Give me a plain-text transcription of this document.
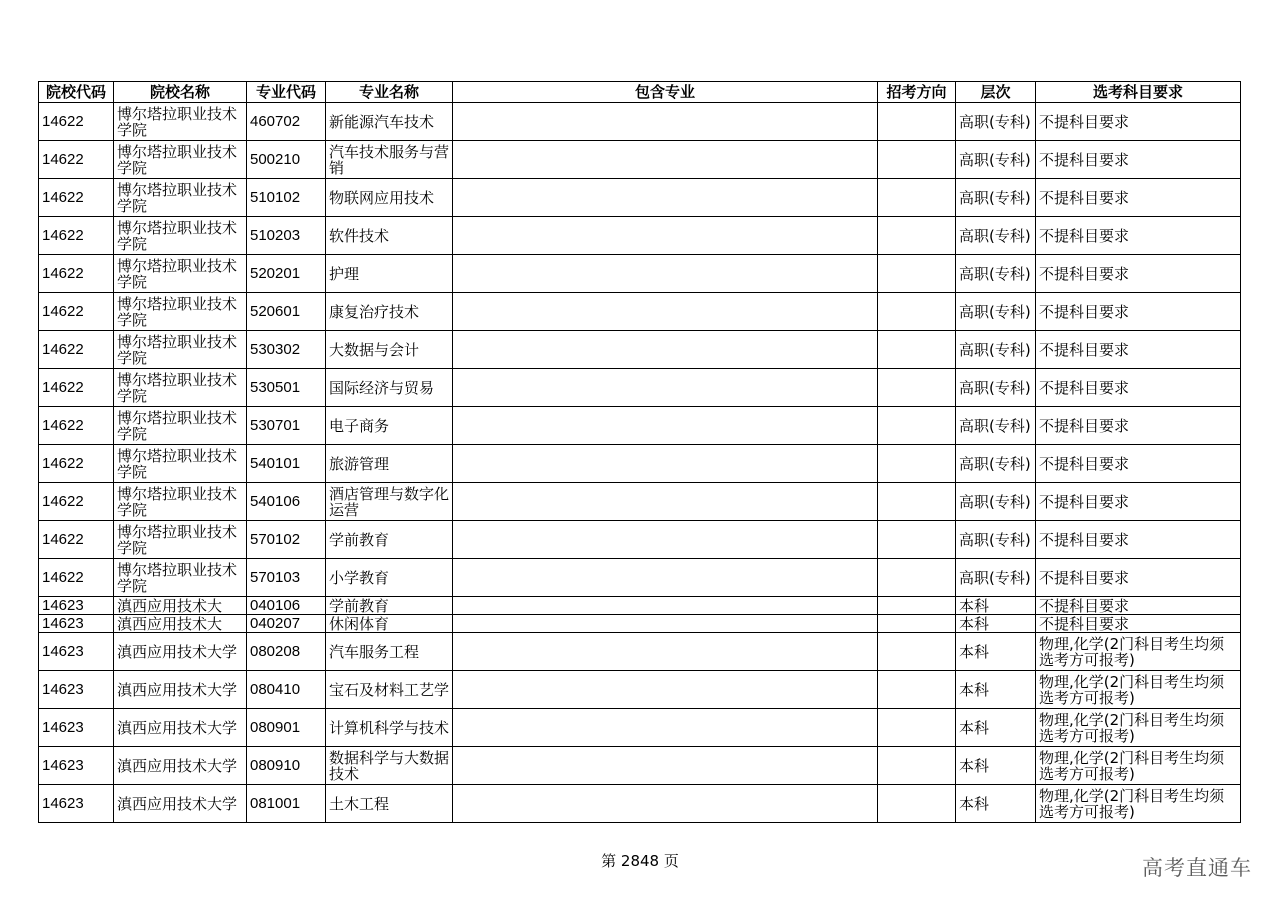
院校代码	院校名称	专业代码	专业名称	包含专业	招考方向	层次	选考科目要求
14622	博尔塔拉职业技术学院	460702	新能源汽车技术			高职(专科)	不提科目要求
14622	博尔塔拉职业技术学院	500210	汽车技术服务与营销			高职(专科)	不提科目要求
14622	博尔塔拉职业技术学院	510102	物联网应用技术			高职(专科)	不提科目要求
14622	博尔塔拉职业技术学院	510203	软件技术			高职(专科)	不提科目要求
14622	博尔塔拉职业技术学院	520201	护理			高职(专科)	不提科目要求
14622	博尔塔拉职业技术学院	520601	康复治疗技术			高职(专科)	不提科目要求
14622	博尔塔拉职业技术学院	530302	大数据与会计			高职(专科)	不提科目要求
14622	博尔塔拉职业技术学院	530501	国际经济与贸易			高职(专科)	不提科目要求
14622	博尔塔拉职业技术学院	530701	电子商务			高职(专科)	不提科目要求
14622	博尔塔拉职业技术学院	540101	旅游管理			高职(专科)	不提科目要求
14622	博尔塔拉职业技术学院	540106	酒店管理与数字化运营			高职(专科)	不提科目要求
14622	博尔塔拉职业技术学院	570102	学前教育			高职(专科)	不提科目要求
14622	博尔塔拉职业技术学院	570103	小学教育			高职(专科)	不提科目要求
14623	滇西应用技术大	040106	学前教育			本科	不提科目要求
14623	滇西应用技术大	040207	休闲体育			本科	不提科目要求
14623	滇西应用技术大学	080208	汽车服务工程			本科	物理,化学(2门科目考生均须选考方可报考)
14623	滇西应用技术大学	080410	宝石及材料工艺学			本科	物理,化学(2门科目考生均须选考方可报考)
14623	滇西应用技术大学	080901	计算机科学与技术			本科	物理,化学(2门科目考生均须选考方可报考)
14623	滇西应用技术大学	080910	数据科学与大数据技术			本科	物理,化学(2门科目考生均须选考方可报考)
14623	滇西应用技术大学	081001	土木工程			本科	物理,化学(2门科目考生均须选考方可报考)
第 2848 页	高考直通车
